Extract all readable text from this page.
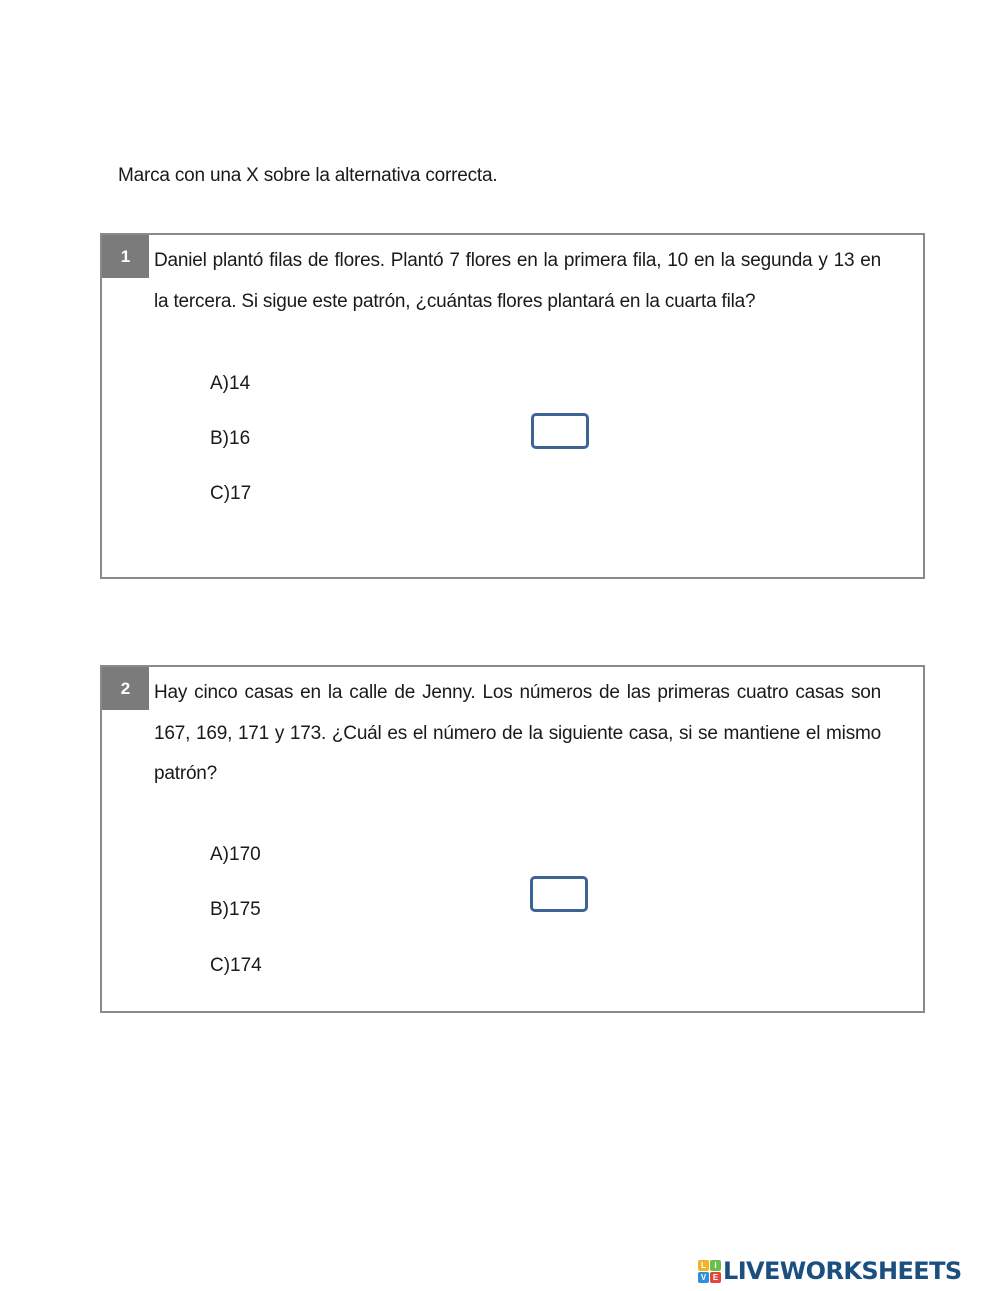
Marca con una X sobre la alternativa correcta.
1	Daniel plantó filas de flores. Plantó 7 flores en la primera fila, 10 en la segunda y 13 en la tercera. Si sigue este patrón, ¿cuántas flores plantará en la cuarta fila?
A)14
B)16
C)17
2	Hay cinco casas en la calle de Jenny. Los números de las primeras cuatro casas son 167, 169, 171 y 173. ¿Cuál es el número de la siguiente casa, si se mantiene el mismo patrón?
A)170
B)175
C)174
L	I
V E LIVEWORKSHEETS
